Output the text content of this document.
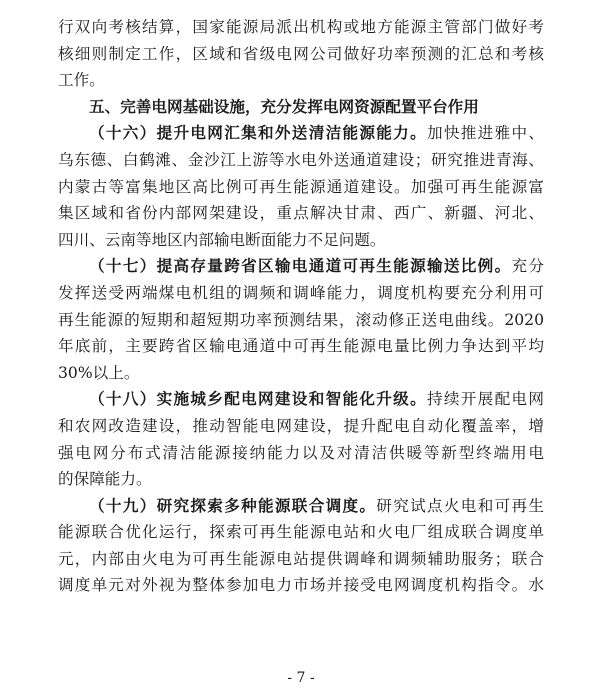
行双向考核结算，国家能源局派出机构或地方能源主管部门做好考

核细则制定工作，区域和省级电网公司做好功率预测的汇总和考核

工作。

五、完善电网基础设施，充分发挥电网资源配置平台作用

（十六）提升电网汇集和外送清洁能源能力。加快推进雅中、

乌东德、白鹤滩、金沙江上游等水电外送通道建设；研究推进青海、

内蒙古等富集地区高比例可再生能源通道建设。加强可再生能源富

集区域和省份内部网架建设，重点解决甘肃、西广、新疆、河北、

四川、云南等地区内部输电断面能力不足问题。

（十七）提高存量跨省区输电通道可再生能源输送比例。充分

发挥送受两端煤电机组的调频和调峰能力，调度机构要充分利用可

再生能源的短期和超短期功率预测结果，滚动修正送电曲线。2020

年底前，主要跨省区输电通道中可再生能源电量比例力争达到平均

30%以上。

（十八）实施城乡配电网建设和智能化升级。持续开展配电网

和农网改造建设，推动智能电网建设，提升配电自动化覆盖率，增

强电网分布式清洁能源接纳能力以及对清洁供暖等新型终端用电

的保障能力。

（十九）研究探索多种能源联合调度。研究试点火电和可再生

能源联合优化运行，探索可再生能源电站和火电厂组成联合调度单

元，内部由火电为可再生能源电站提供调峰和调频辅助服务；联合

调度单元对外视为整体参加电力市场并接受电网调度机构指令。水

- 7 -
